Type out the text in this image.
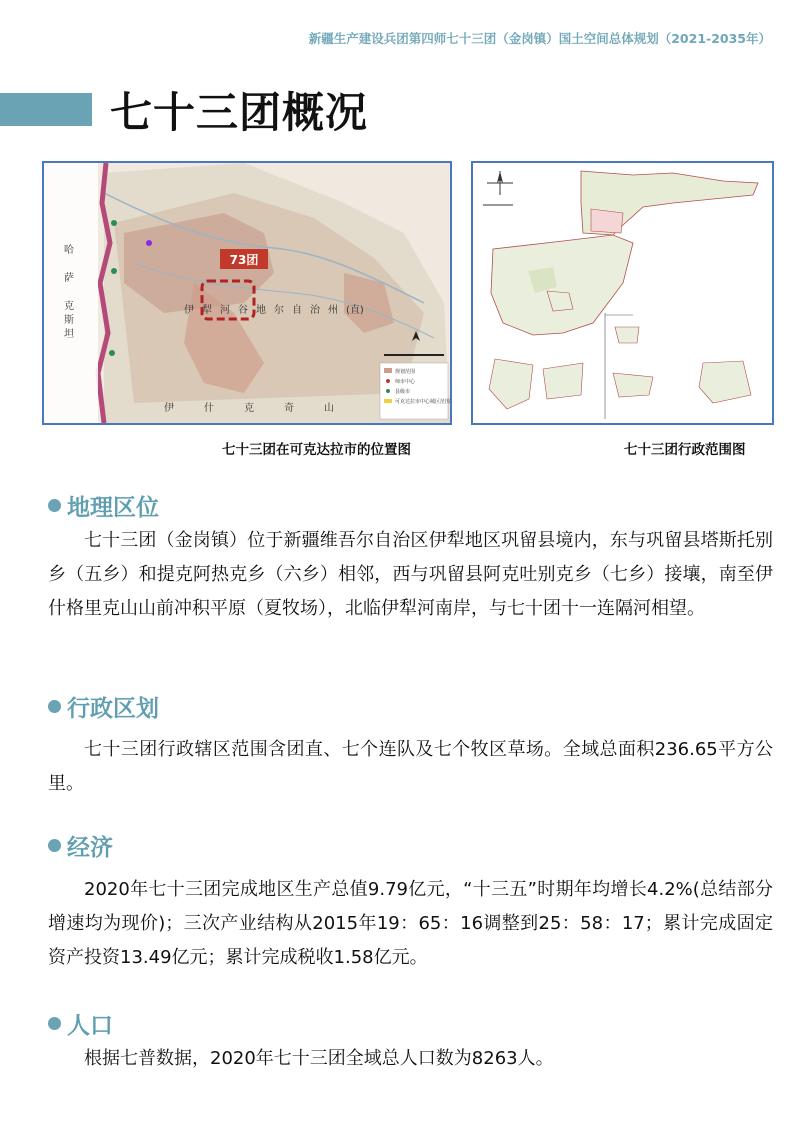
新疆生产建设兵团第四师七十三团（金岗镇）国土空间总体规划（2021-2035年）
七十三团概况
73团
哈
萨
克
斯
坦
伊 犁 河 谷 地 尔 自 治 州 (直)
伊	什	克	奇	山
规划范围
师市中心
县级市
可克达拉市中心城区范围
七十三团在可克达拉市的位置图	七十三团行政范围图
地理区位
七十三团（金岗镇）位于新疆维吾尔自治区伊犁地区巩留县境内，东与巩留县塔斯托别乡（五乡）和提克阿热克乡（六乡）相邻，西与巩留县阿克吐别克乡（七乡）接壤，南至伊什格里克山山前冲积平原（夏牧场），北临伊犁河南岸，与七十团十一连隔河相望。
行政区划
七十三团行政辖区范围含团直、七个连队及七个牧区草场。全域总面积236.65平方公里。
经济
2020年七十三团完成地区生产总值9.79亿元，“十三五”时期年均增长4.2%(总结部分增速均为现价)；三次产业结构从2015年19：65：16调整到25：58：17；累计完成固定资产投资13.49亿元；累计完成税收1.58亿元。
人口
根据七普数据，2020年七十三团全域总人口数为8263人。
